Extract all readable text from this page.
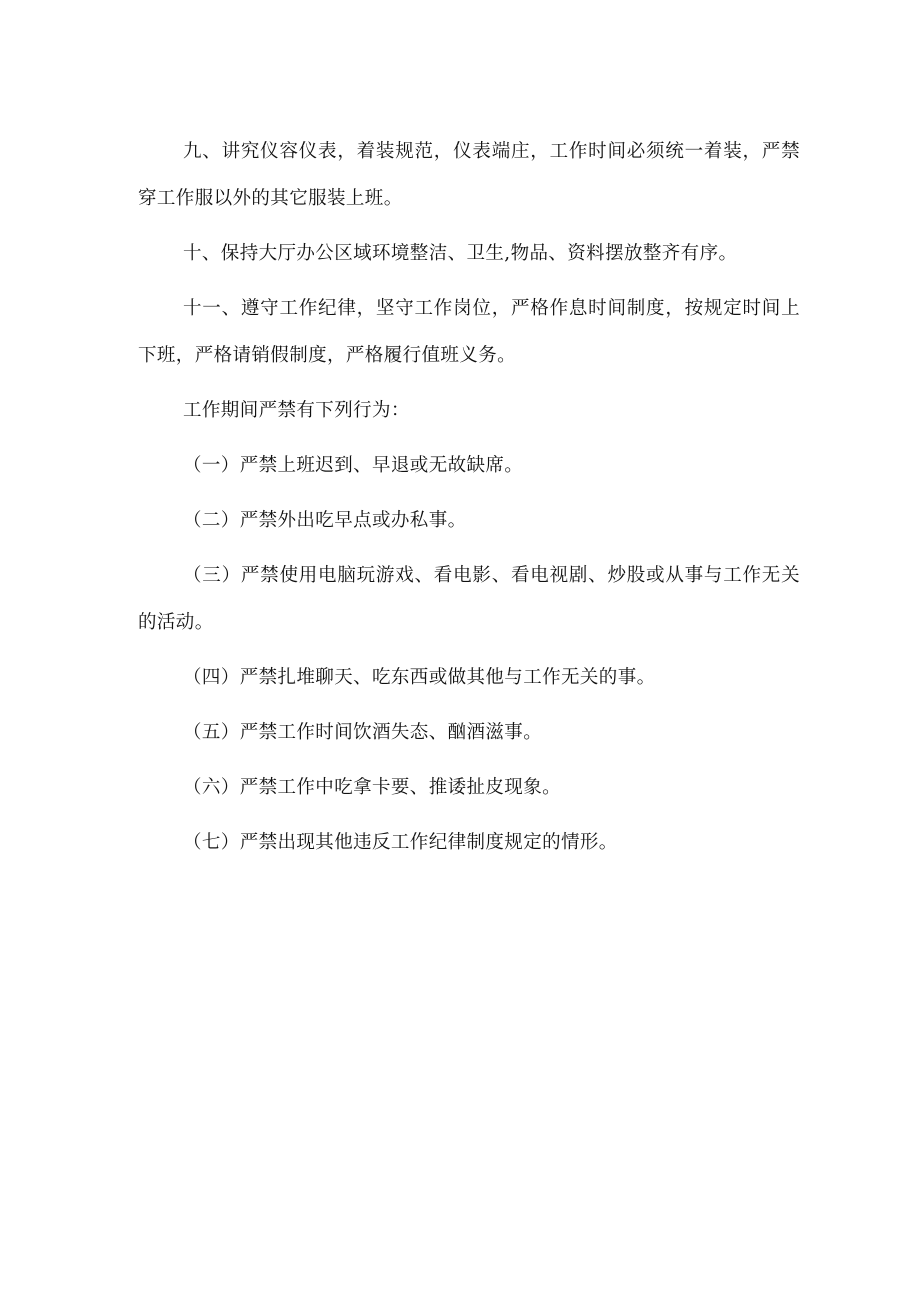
九、讲究仪容仪表，着装规范，仪表端庄，工作时间必须统一着装，严禁穿工作服以外的其它服装上班。

十、保持大厅办公区域环境整洁、卫生,物品、资料摆放整齐有序。

十一、遵守工作纪律，坚守工作岗位，严格作息时间制度，按规定时间上下班，严格请销假制度，严格履行值班义务。

工作期间严禁有下列行为：

（一）严禁上班迟到、早退或无故缺席。

（二）严禁外出吃早点或办私事。

（三）严禁使用电脑玩游戏、看电影、看电视剧、炒股或从事与工作无关的活动。

（四）严禁扎堆聊天、吃东西或做其他与工作无关的事。

（五）严禁工作时间饮酒失态、酗酒滋事。

（六）严禁工作中吃拿卡要、推诿扯皮现象。

（七）严禁出现其他违反工作纪律制度规定的情形。
